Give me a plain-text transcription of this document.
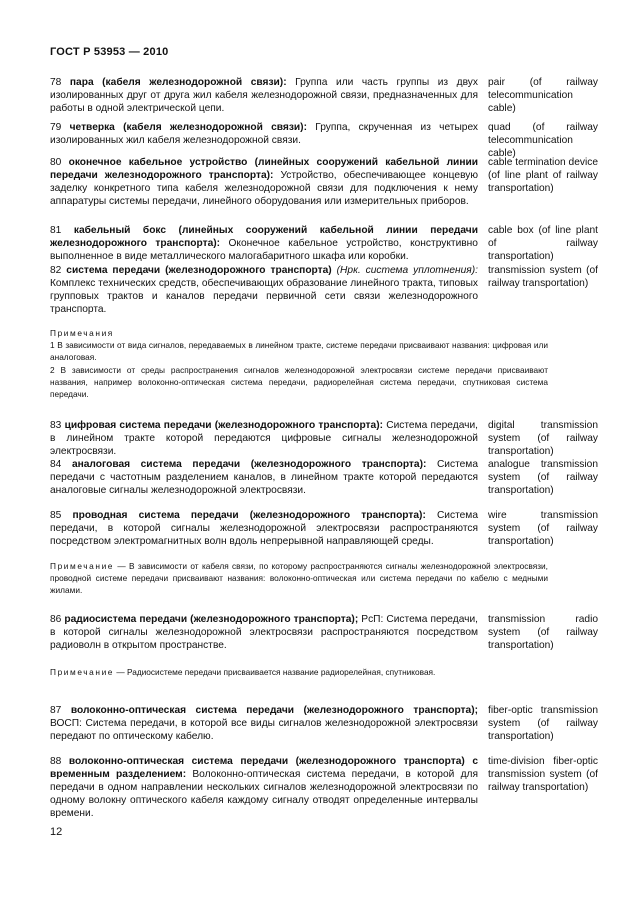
ГОСТ Р 53953 — 2010
78 пара (кабеля железнодорожной связи): Группа или часть группы из двух изолированных друг от друга жил кабеля железнодорожной связи, предназначенных для работы в одной электрической цепи.
pair (of railway telecommunication cable)
79 четверка (кабеля железнодорожной связи): Группа, скрученная из четырех изолированных жил кабеля железнодорожной связи.
quad (of railway telecommunication cable)
80 оконечное кабельное устройство (линейных сооружений кабельной линии передачи железнодорожного транспорта): Устройство, обеспечивающее концевую заделку конкретного типа кабеля железнодорожной связи для подключения к нему аппаратуры системы передачи, линейного оборудования или измерительных приборов.
cable termination device (of line plant of railway transportation)
81 кабельный бокс (линейных сооружений кабельной линии передачи железнодорожного транспорта): Оконечное кабельное устройство, конструктивно выполненное в виде металлического малогабаритного шкафа или коробки.
cable box (of line plant of railway transportation)
82 система передачи (железнодорожного транспорта) (Нрк. система уплотнения): Комплекс технических средств, обеспечивающих образование линейного тракта, типовых групповых трактов и каналов передачи первичной сети связи железнодорожного транспорта.
transmission system (of railway transportation)

Примечания

1 В зависимости от вида сигналов, передаваемых в линейном тракте, системе передачи присваивают названия: цифровая или аналоговая.

2 В зависимости от среды распространения сигналов железнодорожной электросвязи системе передачи присваивают названия, например волоконно-оптическая система передачи, радиорелейная система передачи, спутниковая система передачи.

83 цифровая система передачи (железнодорожного транспорта): Система передачи, в линейном тракте которой передаются цифровые сигналы железнодорожной электросвязи.
digital transmission system (of railway transportation)
84 аналоговая система передачи (железнодорожного транспорта): Система передачи с частотным разделением каналов, в линейном тракте которой передаются аналоговые сигналы железнодорожной электросвязи.
analogue transmission system (of railway transportation)
85 проводная система передачи (железнодорожного транспорта): Система передачи, в которой сигналы железнодорожной электросвязи распространяются посредством электромагнитных волн вдоль непрерывной направляющей среды.
wire transmission system (of railway transportation)

Примечание — В зависимости от кабеля связи, по которому распространяются сигналы железнодорожной электросвязи, проводной системе передачи присваивают названия: волоконно-оптическая или система передачи по кабелю с медными жилами.

86 радиосистема передачи (железнодорожного транспорта); РсП: Система передачи, в которой сигналы железнодорожной электросвязи распространяются посредством радиоволн в открытом пространстве.
transmission radio system (of railway transportation)

Примечание — Радиосистеме передачи присваивается название радиорелейная, спутниковая.

87 волоконно-оптическая система передачи (железнодорожного транспорта); ВОСП: Система передачи, в которой все виды сигналов железнодорожной электросвязи передают по оптическому кабелю.
fiber-optic transmission system (of railway transportation)
88 волоконно-оптическая система передачи (железнодорожного транспорта) с временным разделением: Волоконно-оптическая система передачи, в которой для передачи в одном направлении нескольких сигналов железнодорожной электросвязи по одному волокну оптического кабеля каждому сигналу отводят определенные интервалы времени.
time-division fiber-optic transmission system (of railway transportation)
12
